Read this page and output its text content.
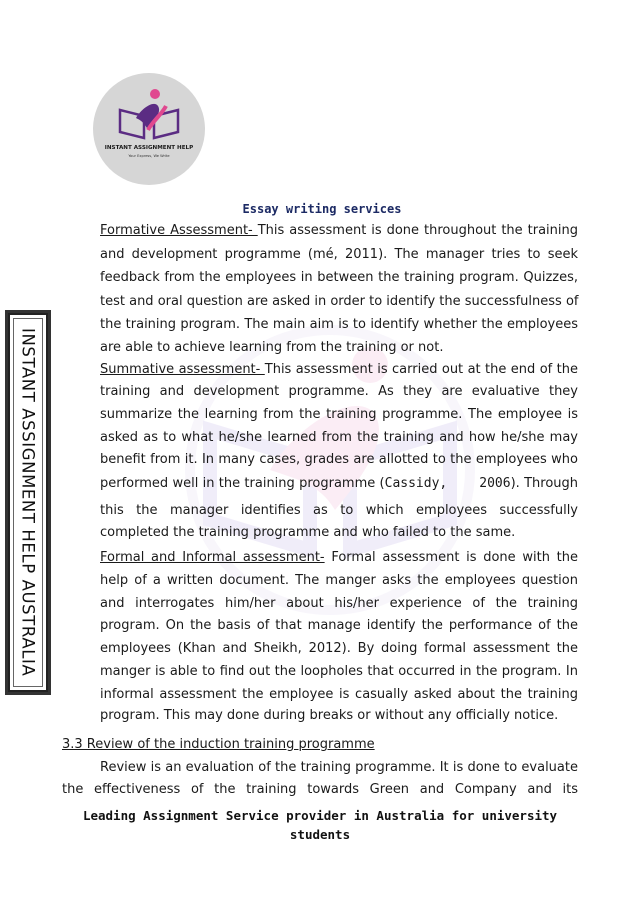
INSTANT ASSIGNMENT HELP
Your Express, We Write
INSTANT ASSIGNMENT HELP AUSTRALIA
Essay writing services
Formative Assessment- This assessment is done throughout the training
and development programme (mé, 2011). The manager tries to seek
feedback from the employees in between the training program. Quizzes,
test and oral question are asked in order to identify the successfulness of
the training program. The main aim is to identify whether the employees
are able to achieve learning from the training or not.
Summative assessment- This assessment is carried out at the end of the
training and development programme. As they are evaluative they
summarize the learning from the training programme. The employee is
asked as to what he/she learned from the training and how he/she may
benefit from it. In many cases, grades are allotted to the employees who
performed well in the training programme (Cassidy,    2006). Through
this the manager identifies as to which employees successfully
completed the training programme and who failed to the same.
Formal and Informal assessment- Formal assessment is done with the
help of a written document. The manger asks the employees question
and interrogates him/her about his/her experience of the training
program. On the basis of that manage identify the performance of the
employees (Khan and Sheikh, 2012). By doing formal assessment the
manger is able to find out the loopholes that occurred in the program. In
informal assessment the employee is casually asked about the training
program. This may done during breaks or without any officially notice.
3.3 Review of the induction training programme
Review is an evaluation of the training programme. It is done to evaluate
the effectiveness of the training towards Green and Company and its
Leading Assignment Service provider in Australia for university
students
